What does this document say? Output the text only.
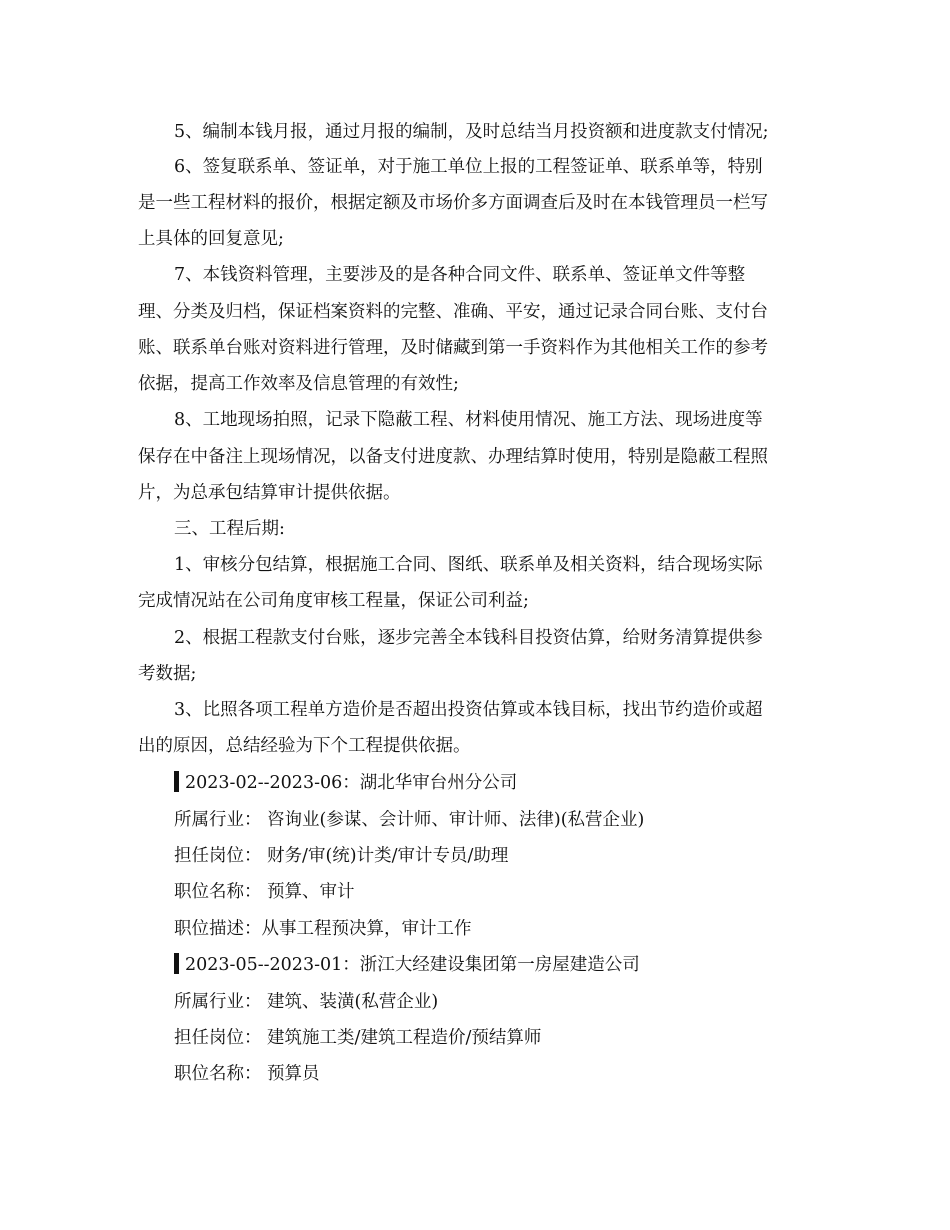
5、编制本钱月报，通过月报的编制，及时总结当月投资额和进度款支付情况;
6、签复联系单、签证单，对于施工单位上报的工程签证单、联系单等，特别
是一些工程材料的报价，根据定额及市场价多方面调查后及时在本钱管理员一栏写
上具体的回复意见;
7、本钱资料管理，主要涉及的是各种合同文件、联系单、签证单文件等整
理、分类及归档，保证档案资料的完整、准确、平安，通过记录合同台账、支付台
账、联系单台账对资料进行管理，及时储藏到第一手资料作为其他相关工作的参考
依据，提高工作效率及信息管理的有效性;
8、工地现场拍照，记录下隐蔽工程、材料使用情况、施工方法、现场进度等
保存在中备注上现场情况，以备支付进度款、办理结算时使用，特别是隐蔽工程照
片，为总承包结算审计提供依据。
三、工程后期:
1、审核分包结算，根据施工合同、图纸、联系单及相关资料，结合现场实际
完成情况站在公司角度审核工程量，保证公司利益;
2、根据工程款支付台账，逐步完善全本钱科目投资估算，给财务清算提供参
考数据;
3、比照各项工程单方造价是否超出投资估算或本钱目标，找出节约造价或超
出的原因，总结经验为下个工程提供依据。
2023-02--2023-06：湖北华审台州分公司
所属行业： 咨询业(参谋、会计师、审计师、法律)(私营企业)
担任岗位： 财务/审(统)计类/审计专员/助理
职位名称： 预算、审计
职位描述：从事工程预决算，审计工作
2023-05--2023-01：浙江大经建设集团第一房屋建造公司
所属行业： 建筑、装潢(私营企业)
担任岗位： 建筑施工类/建筑工程造价/预结算师
职位名称： 预算员
